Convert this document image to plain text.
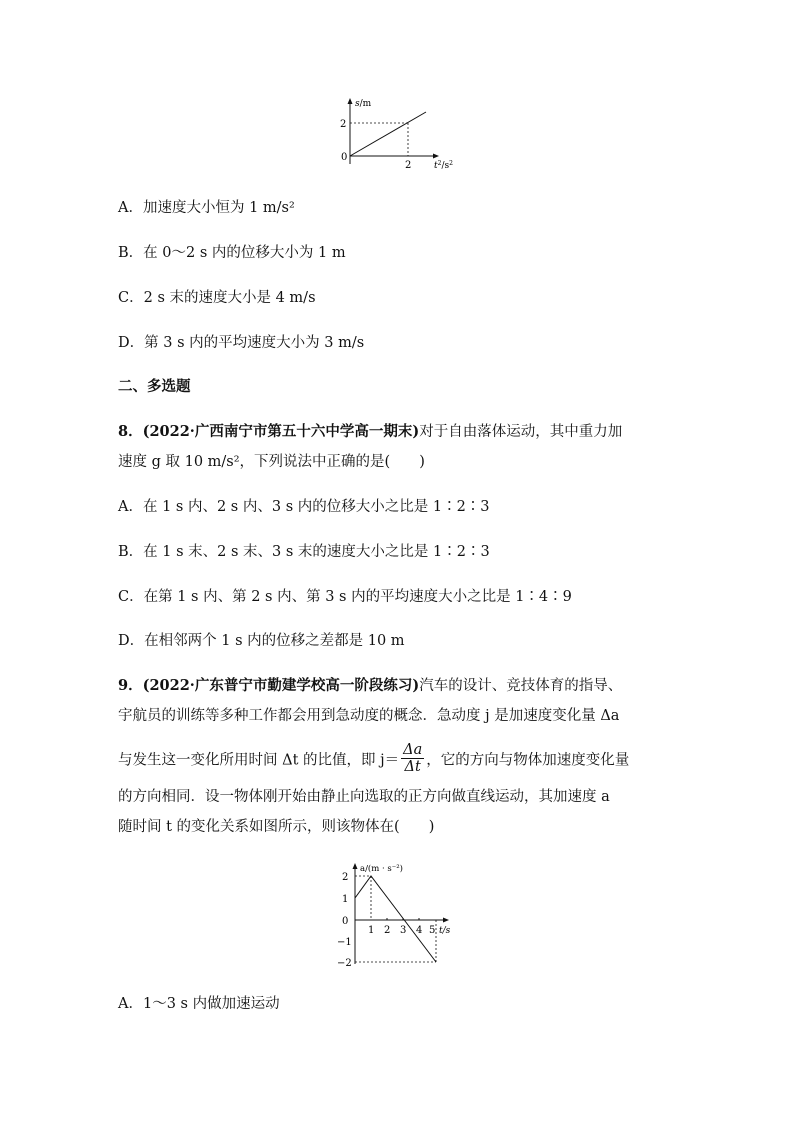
s/m
2
0
2	$t^2/s^2$
A．加速度大小恒为 1 m/s²
B．在 0～2 s 内的位移大小为 1 m
C．2 s 末的速度大小是 4 m/s
D．第 3 s 内的平均速度大小为 3 m/s
二、多选题
8．(2022·广西南宁市第五十六中学高一期末)对于自由落体运动，其中重力加
速度 g 取 10 m/s²，下列说法中正确的是(　　)
A．在 1 s 内、2 s 内、3 s 内的位移大小之比是 1∶2∶3
B．在 1 s 末、2 s 末、3 s 末的速度大小之比是 1∶2∶3
C．在第 1 s 内、第 2 s 内、第 3 s 内的平均速度大小之比是 1∶4∶9
D．在相邻两个 1 s 内的位移之差都是 10 m
9．(2022·广东普宁市勤建学校高一阶段练习)汽车的设计、竞技体育的指导、
宇航员的训练等多种工作都会用到急动度的概念．急动度 j 是加速度变化量 Δa
与发生这一变化所用时间 Δt 的比值，即 $j= \frac{\Delta a}{\Delta t}$ ，它的方向与物体加速度变化量
的方向相同．设一物体刚开始由静止向选取的正方向做直线运动，其加速度 a
随时间 t 的变化关系如图所示，则该物体在(　　)
a/(m · s⁻²)
2
1
0
−1
−2
1 2 3 4 5 t/s
A．1～3 s 内做加速运动
